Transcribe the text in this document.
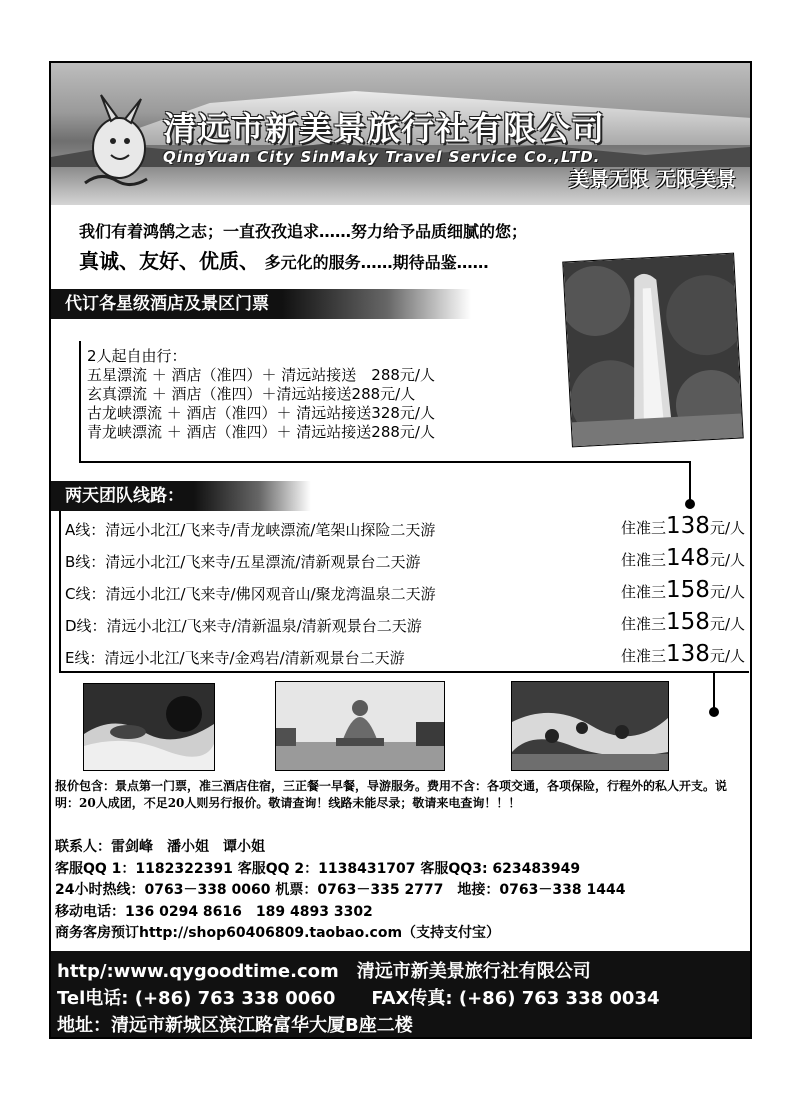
清远市新美景旅行社有限公司
QingYuan City SinMaky Travel Service Co.,LTD.
美景无限 无限美景
我们有着鸿鹄之志；一直孜孜追求……努力给予品质细腻的您；
真诚、友好、优质、 多元化的服务……期待品鉴……
代订各星级酒店及景区门票
2人起自由行：
五星漂流 ＋ 酒店（准四）＋ 清远站接送　288元/人
玄真漂流 ＋ 酒店（准四）＋清远站接送288元/人
古龙峡漂流 ＋ 酒店（准四）＋ 清远站接送328元/人
青龙峡漂流 ＋ 酒店（准四）＋ 清远站接送288元/人
两天团队线路：
A线：清远小北江/飞来寺/青龙峡漂流/笔架山探险二天游	住准三138元/人
B线：清远小北江/飞来寺/五星漂流/清新观景台二天游	住准三148元/人
C线：清远小北江/飞来寺/佛冈观音山/聚龙湾温泉二天游	住准三158元/人
D线：清远小北江/飞来寺/清新温泉/清新观景台二天游	住准三158元/人
E线：清远小北江/飞来寺/金鸡岩/清新观景台二天游	住准三138元/人
报价包含：景点第一门票，准三酒店住宿，三正餐一早餐，导游服务。费用不含：各项交通，各项保险，行程外的私人开支。说　明：20人成团，不足20人则另行报价。敬请查询！线路未能尽录；敬请来电查询！！！
联系人：雷剑峰　潘小姐　谭小姐
客服QQ 1：1182322391 客服QQ 2：1138431707 客服QQ3: 623483949
24小时热线：0763－338 0060 机票：0763－335 2777　地接：0763－338 1444
移动电话：136 0294 8616　189 4893 3302
商务客房预订http://shop60406809.taobao.com（支持支付宝）
http/:www.qygoodtime.com　清远市新美景旅行社有限公司
Tel电话: (+86) 763 338 0060　　FAX传真: (+86) 763 338 0034
地址：清远市新城区滨江路富华大厦B座二楼
